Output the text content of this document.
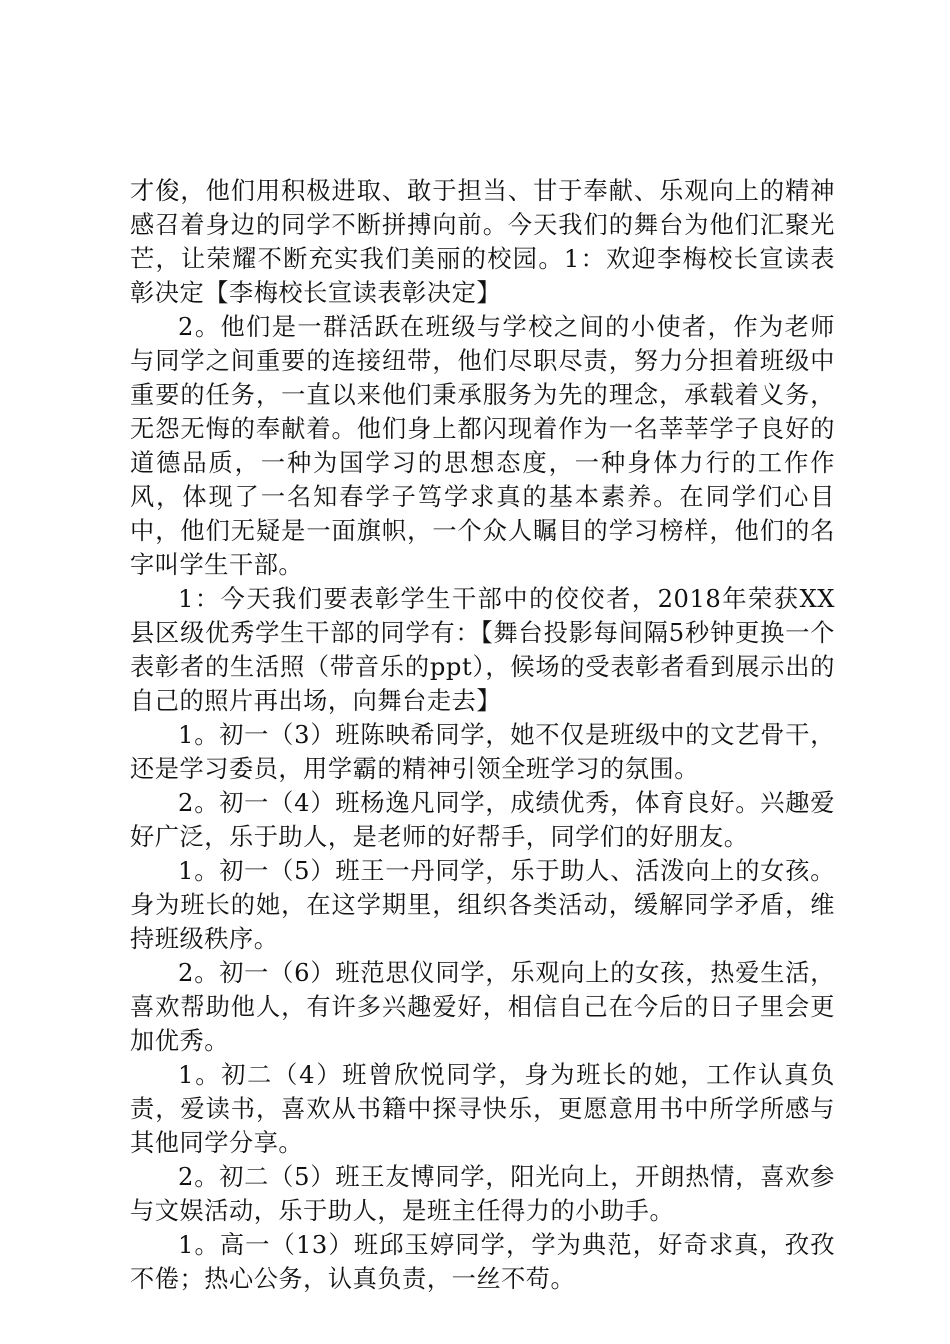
才俊，他们用积极进取、敢于担当、甘于奉献、乐观向上的精神感召着身边的同学不断拼搏向前。今天我们的舞台为他们汇聚光芒，让荣耀不断充实我们美丽的校园。1：欢迎李梅校长宣读表彰决定【李梅校长宣读表彰决定】

2。他们是一群活跃在班级与学校之间的小使者，作为老师与同学之间重要的连接纽带，他们尽职尽责，努力分担着班级中重要的任务，一直以来他们秉承服务为先的理念，承载着义务，无怨无悔的奉献着。他们身上都闪现着作为一名莘莘学子良好的道德品质，一种为国学习的思想态度，一种身体力行的工作作风，体现了一名知春学子笃学求真的基本素养。在同学们心目中，他们无疑是一面旗帜，一个众人瞩目的学习榜样，他们的名字叫学生干部。

1：今天我们要表彰学生干部中的佼佼者，2018年荣获XX县区级优秀学生干部的同学有：【舞台投影每间隔5秒钟更换一个表彰者的生活照（带音乐的ppt），候场的受表彰者看到展示出的自己的照片再出场，向舞台走去】

1。初一（3）班陈映希同学，她不仅是班级中的文艺骨干，还是学习委员，用学霸的精神引领全班学习的氛围。

2。初一（4）班杨逸凡同学，成绩优秀，体育良好。兴趣爱好广泛，乐于助人，是老师的好帮手，同学们的好朋友。

1。初一（5）班王一丹同学，乐于助人、活泼向上的女孩。身为班长的她，在这学期里，组织各类活动，缓解同学矛盾，维持班级秩序。

2。初一（6）班范思仪同学，乐观向上的女孩，热爱生活，喜欢帮助他人，有许多兴趣爱好，相信自己在今后的日子里会更加优秀。

1。初二（4）班曾欣悦同学，身为班长的她，工作认真负责，爱读书，喜欢从书籍中探寻快乐，更愿意用书中所学所感与其他同学分享。

2。初二（5）班王友博同学，阳光向上，开朗热情，喜欢参与文娱活动，乐于助人，是班主任得力的小助手。

1。高一（13）班邱玉婷同学，学为典范，好奇求真，孜孜不倦；热心公务，认真负责，一丝不苟。
